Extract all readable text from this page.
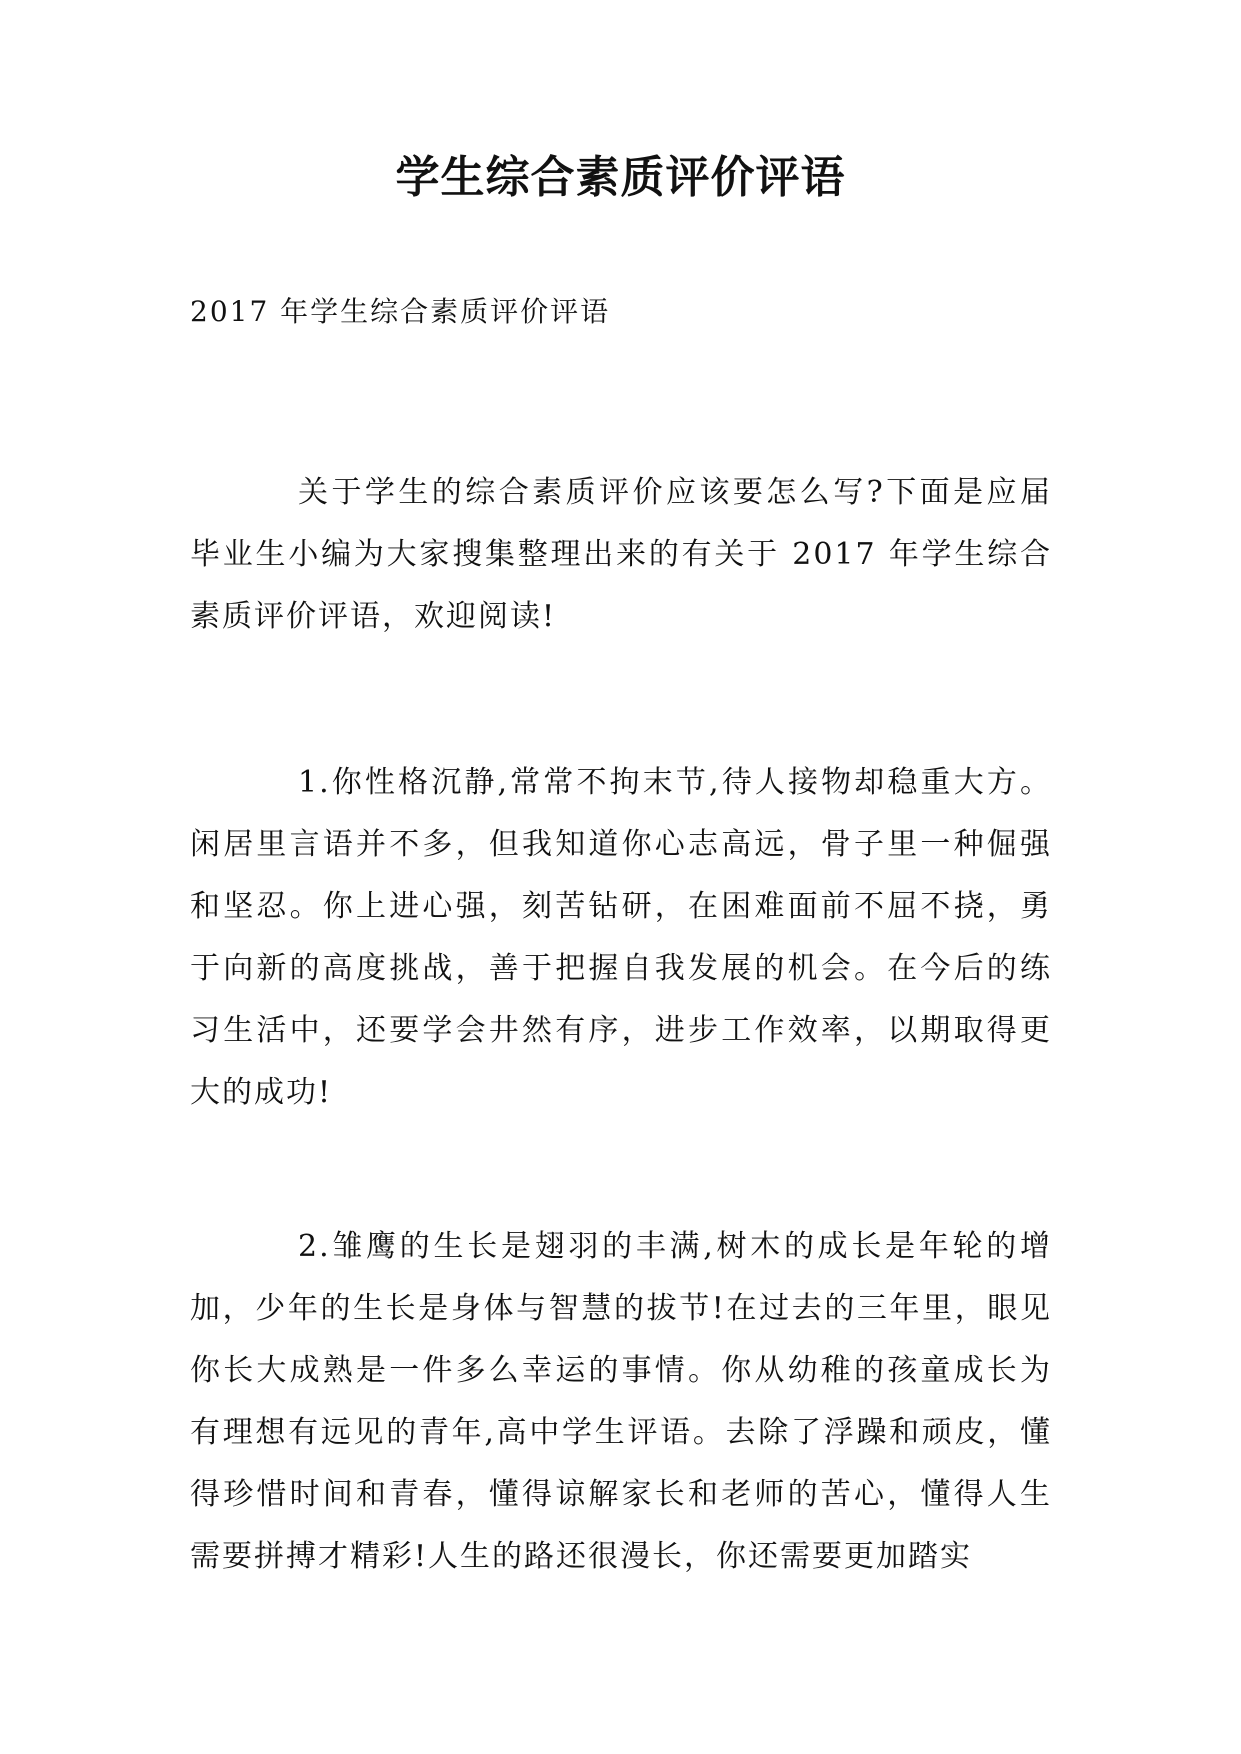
学生综合素质评价评语
2017 年学生综合素质评价评语
关于学生的综合素质评价应该要怎么写?下面是应届毕业生小编为大家搜集整理出来的有关于 2017 年学生综合素质评价评语，欢迎阅读!
1.你性格沉静,常常不拘末节,待人接物却稳重大方。闲居里言语并不多，但我知道你心志高远，骨子里一种倔强和坚忍。你上进心强，刻苦钻研，在困难面前不屈不挠，勇于向新的高度挑战，善于把握自我发展的机会。在今后的练习生活中，还要学会井然有序，进步工作效率，以期取得更大的成功!
2.雏鹰的生长是翅羽的丰满,树木的成长是年轮的增加，少年的生长是身体与智慧的拔节!在过去的三年里，眼见你长大成熟是一件多么幸运的事情。你从幼稚的孩童成长为有理想有远见的青年,高中学生评语。去除了浮躁和顽皮，懂得珍惜时间和青春，懂得谅解家长和老师的苦心，懂得人生需要拼搏才精彩!人生的路还很漫长，你还需要更加踏实
